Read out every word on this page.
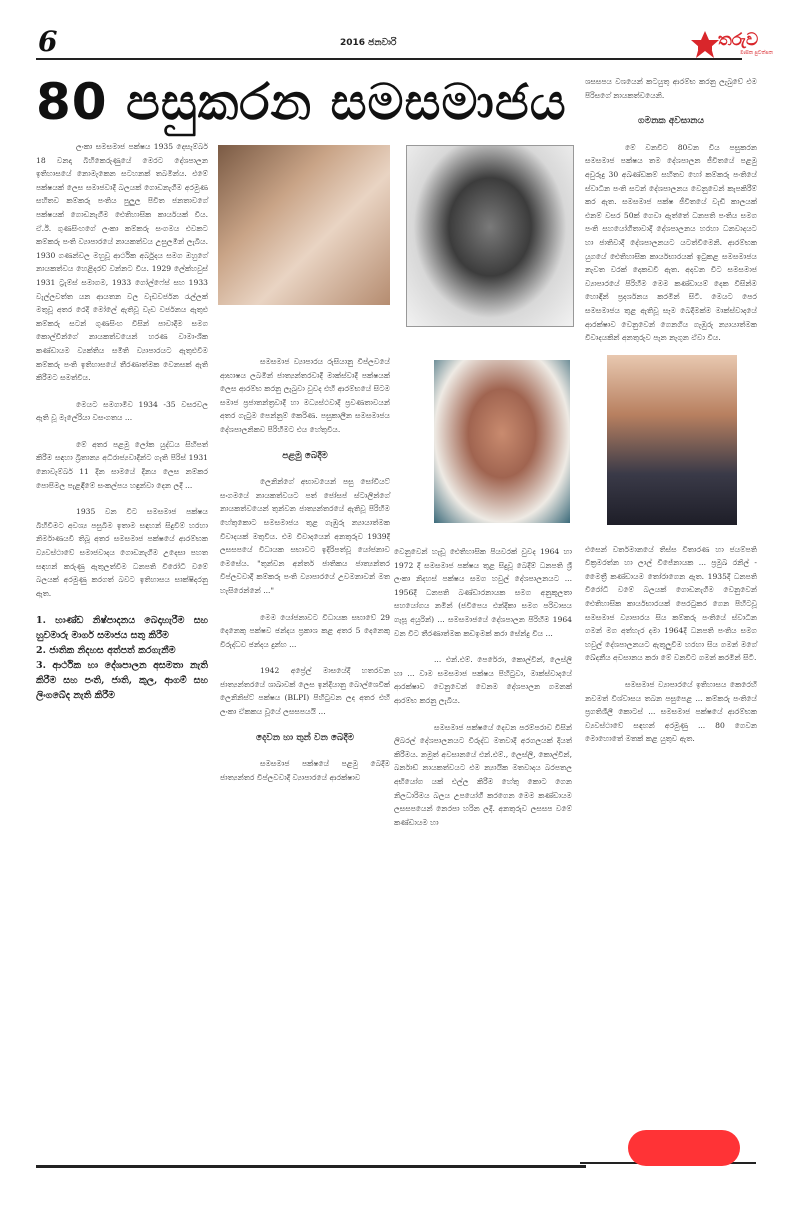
6	2016 ජනවාරි	තරුව
මාසික පුවත්පත
80 පසුකරන සමසමාජය

ලංකා සමසමාජ පක්ෂය 1935 දෙසැම්බර් 18 වනදා බිහිකෙරුණුයේ මෙරට දේශපාලන ඉතිහාසයේ නොමැකෙන සටහනක් තබමින්ය. එමේ පක්ෂයක් ලෙස සමාජවාදී බලයක් ගොඩනැගීම අරමුණ සහිතව කම්කරු පංතිය පුලුල පිවිත ජනතාවගේ පක්ෂයක් ගොඩනැගීම ඓතිහාසික කාර්යයක් විය. ඒ.ඊ. ගුණසිංහගේ ලංකා කම්කරු සංගමය එවකට කම්කරු පංති ව්‍යාපාරයේ නායකත්වය උසුලමින් ලැබිය. 1930 ගණන්වල මහුවූ ආර්ථික අර්බුදය සමග ඔහුගේ නායකත්වය හෙළිදරව් වන්නට විය. 1929 ලේක්හවුස් 1931 ට්‍රැම්ස් සමාගම, 1933 ගෝල්ෆේස් සහ 1933 වැල්ලවත්ත යන ආයතන වල වැඩවර්ජන රැල්ලක් මතුවූ අතර රෙදි මෝලේ ඇතිවූ වැඩ වර්ජනය ඇතුළු කම්කරු සටන් ගුණසිංහ විසින් පාවාදීම සමග කොල්වින්ගේ නායකත්වයෙන් හරණ වාමාංශික කණ්ඩායම ව්‍යක්තිය සමිති ව්‍යාපාරයට ඇතුළුවීම කම්කරු පංති ඉතිහාසයේ තීරණාත්මක වෙනසක් ඇති කිරීමට සමත්විය.

මෙයට සමගාමීව 1934 -35 වසරවල ඇති වූ මැලේරියා වසංගතය ...

මේ අතර පළමු ලෝක යුද්ධය සිහිපත් කිරීම සඳහා බ්‍රිතාන්‍ය අධිරාජ්‍යවාදීන්ට ගැති පිරිස් 1931 නොවැම්බර් 11 දින සාමයේ දිනය ලෙස නම්කර පොපිමල පැළඳීමේ සංකල්පය හඳුන්වා දෙන ලදී ...

1935 වන විට සමසමාජ පක්ෂය බිහිවීමට අවශ්‍ය පසුබිම ඉතාම සඳහන් සිදුවීම් හරහා නිර්මාණයවී තිබූ අතර සමසමාජ පක්ෂයේ ආරම්භක ව්‍යවස්ථාවේ සමාජවාදය ගොඩනැගීම උදෙසා පහත සඳහන් කරුණු ඇතුලත්වීම ධනපති විරෝධී වමේ බලයක් අරමුණු කරගත් බවට ඉතිහාසය සාක්ෂිදරනු ඇත.

1. භාණ්ඩ නිෂ්පාදනය බෙදාහැරීම සහ හුවමාරු මාර්ග සමාජය සතු කිරීම
2. ජාතික නිදහස අත්පත් කරගැනීම
3. ආර්ථික හා දේශපාලන අසමතා නැති කිරීම සහ පංති, ජාති, කුල, ආගම් සහ ලිංගබේද නැති කිරීම

සමසමාජ ව්‍යාපාරය රුසියානු විප්ලවයේ ආභාෂය ලබමින් ජාත්‍යන්තරවාදී මාක්ස්වාදී පක්ෂයක් ලෙස ආරම්භ කරනු ලැබුවා වුවද එහි ආරම්භයේ සිටම සමාජ ප්‍රජාතන්ත්‍රවාදී හා මධ්‍යස්ථවාදී ප්‍රවණතාවයන් අතර ගැටුම පෙන්නුම් කෙරිණ. පසුකාලීන සමසමාජය දේශපාලනිකව පිරිහීමට එය හේතුවිය.

පළමු බෙදීම

ලෙනින්ගේ අභාවයෙන් පසු සෝවියට් සංගමයේ නායකත්වයට පත් ජෝසප් ස්ටාලින්ගේ නායකත්වයෙන් තුන්වන ජාත්‍යන්තරයේ ඇතිවූ පිරිහීම හේතුකොට සමසමාජය තුළ ගැඹුරු න්‍යායාත්මක විවාදයක් මතුවිය. එම විවාදයෙන් අනතුරුව 1939දී ලසසපයේ විධායක සභාවට ඉදිරිපත්වූ යෝජනාව මෙසේය. "තුන්වන අන්තර් ජාතිකය ජාත්‍යන්තර විප්ලවවාදී කම්කරු පංති ව්‍යාපාරයේ උවමනාවන් මත හැසිරෙන්නේ ..."

මෙම යෝජනාවට විධායක සභාවේ 29 දෙනෙකු පක්ෂව ඡන්දය ප්‍රකාශ කළ අතර 5 දෙනෙකු විරුද්ධව ඡන්දය දුන්හ ...

1942 අප්‍රේල් මාසයේදී හතරවන ජාත්‍යන්තරයේ ශාඛාවක් ලෙස ඉන්දියානු බොල්ශෙවික් ලෙනිනිස්ට් පක්ෂය (BLPI) පිහිටුවන ලද අතර එහි ලංකා ඒකකය වූයේ ලසසපයයි ...

දෙවන හා තුන් වන බෙදීම

සමසමාජ පක්ෂයේ පළමු බෙදීම ජාත්‍යන්තර විප්ලවවාදී ව්‍යාපාරයේ ආරක්ෂාව

වෙනුවෙන් හැඩූ ඓතිහාසික පියවරක් වුවද 1964 හා 1972 දී සමසමාජ පක්ෂය තුළ සිදුවූ බෙදීම් ධනපති ශ්‍රී ලංකා නිදහස් පක්ෂය සමග හවුල් දේශපාලනයට ... 1956දී ධනපති බණ්ඩාරනායක සමග අනුකූලතා සහයෝගය නමින් (ජවිපෙය එන්දිකා සමග පරිවාසය ගැසූ අයුරින්) ... සමසමාජයේ දේශපාලන පිරිහීම 1964 වන විට තීරණාත්මක කඩඉමක් කරා සේන්දු විය ...

... එන්.එම්. පෙරේරා, කොල්වින්, ලෙස්ලි හා ... වාම සමසමාජ පක්ෂය පිහිටුවා, මාක්ස්වාදයේ ආරක්ෂාව වෙනුවෙන් වෙනම දේශපාලන ගමනක් ආරම්භ කරනු ලැබිය.

සමසමාජ පක්ෂයේ දෙවන පරම්පරාව විසින් ලිබරල් දේශපාලනයට විරුද්ධ මතවාදී අරගලයක් දියත් කිරීමය. නමුත් අවසානයේ එන්.එම්., ලෙස්ලි, කොල්වින්, බර්නාඩ් නායකත්වයට එම න්‍යායික මතවාදය බරපතල අභියෝග යක් එල්ල කිරීම හේතු කොට ගෙන නිලධාරිමය බලය උපයෝගී කරගෙන මෙම කණ්ඩායම ලසසපයෙන් නෙරපා හරින ලදී. අනතුරුව ලසසප වමේ කණ්ඩායම හා

ශසසපය වශයෙන් කටයුතු ආරම්භ කරනු ලැබුවේ එම පිරිසගේ නායකත්වයෙනි.

ගමනක අවසානය

මේ වනවිට 80වන විය පසුකරන සමසමාජ පක්ෂය තම දේශපාලන ජීවිතයේ පළමු අවුරුදු 30 අඛණ්ඩකම් සහිතව හෝ කම්කරු පංතියේ ස්වාධීන පංති සටන් දේශපාලනය වෙනුවෙන් කැපකිරීම් කර ඇත. සමසමාජ පක්ෂ ජීවිතයේ වැඩි කාලයක් එනම් වසර 50ක් ගෙවා ඇත්තේ ධනපති පංතිය සමග පංති සහයෝගීතාවාදී දේශපාලනය හරහා ධනවාදයට හා ජාතිවාදී දේශපාලනයට යටත්වීමෙනි. ආරම්භක යුගයේ ඓතිහාසික කාර්යභාරයක් ඉටුකළ සමසමාජය නැවත වරක් දෙකඩවී ඇත. අදවන විට සමසමාජ ව්‍යාපාරයේ පිරිහීම මෙම කණ්ඩායම් දෙක විසින්ම හොඳින් ප්‍රදර්ශනය කරමින් සිටී. මෙයට පෙර සමසමාජය තුළ ඇතිවූ සෑම බෙදීමක්ම මාක්ස්වාදයේ ආරක්ෂාව වෙනුවෙන් ගෙනගිය ගැඹුරු න්‍යායාත්මක විවාදයකින් අනතුරුව පැන නැගුන ඒවා විය.

එසෙන් වර්තමානයේ තිස්ස විතාරණ හා ජයම්පති වික්‍රමරත්න හා ලාල් විජේනායක ... ප්‍රමුඛ රනිල් - මෛත්‍රී කණ්ඩායම තෝරාගෙන ඇත. 1935දී ධනපති විරෝධී වමේ බලයක් ගොඩනැගීම වෙනුවෙන් ඓතිහාසික කාර්යභාරයක් පෙරටුකර ගෙන පිහිටවූ සමසමාජ ව්‍යාපාරය සිය කම්කරු පංතියේ ස්වාධීන ගමන් මග අත්හැර දමා 1964දී ධනපති පංතිය සමග හවුල් දේශපාලනයට ඇතුලුවීම හරහා සිය ගමන් මගේ ඛේදනීය අවසානය කරා මේ වනවිට ගමන් කරමින් සිටී.

සමසමාජ ව්‍යාපාරයේ ඉතිහාසය කෙරෙහි නවමත් විශ්වාසය තබන පසුපෙළ ... කම්කරු පංතියේ ප්‍රගතිශීලී කොටස් ... සමසමාජ පක්ෂයේ ආරම්භක ව්‍යවස්ථාවේ සඳහන් අරමුණු ... 80 ගෙවන මොහොතේ මතක් කළ යුතුව ඇත.
